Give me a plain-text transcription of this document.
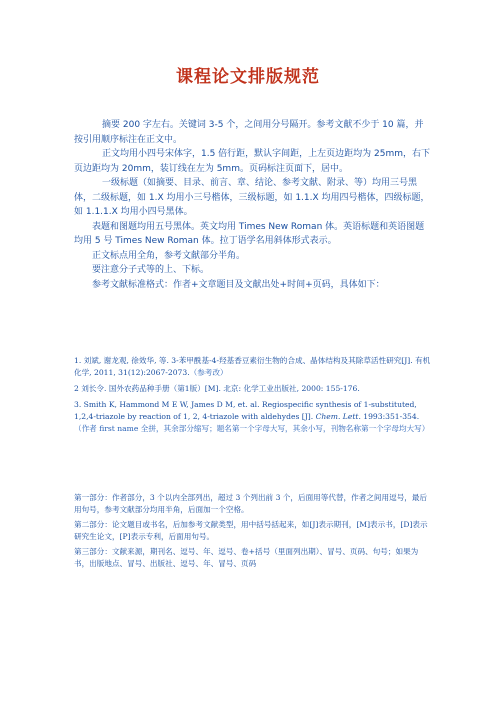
课程论文排版规范

摘要 200 字左右。关键词 3-5 个，之间用分号隔开。参考文献不少于 10 篇，并按引用顺序标注在正文中。

正文均用小四号宋体字，1.5 倍行距，默认字间距，上左页边距均为 25mm，右下页边距均为 20mm，装订线在左为 5mm。页码标注页面下，居中。

一级标题（如摘要、目录、前言、章、结论、参考文献、附录、等）均用三号黑体，二级标题，如 1.X 均用小三号楷体，三级标题，如 1.1.X 均用四号楷体，四级标题，如 1.1.1.X 均用小四号黑体。

表题和图题均用五号黑体。英文均用 Times New Roman 体。英语标题和英语图题均用 5 号 Times New Roman 体。拉丁语学名用斜体形式表示。

正文标点用全角，参考文献部分半角。

要注意分子式等的上、下标。

参考文献标准格式：作者+文章题目及文献出处+时间+页码，具体如下：

1. 刘斌, 谢龙观, 徐效华, 等. 3-苯甲酰基-4-羟基香豆素衍生物的合成、晶体结构及其除草活性研究[J]. 有机化学, 2011, 31(12):2067-2073.（参考改）

2 刘长令. 国外农药品种手册（第1版）[M]. 北京: 化学工业出版社, 2000: 155-176.

3. Smith K, Hammond M E W, James D M, et. al. Regiospecific synthesis of 1-substituted, 1,2,4-triazole by reaction of 1, 2, 4-triazole with aldehydes [J]. Chem. Lett. 1993:351-354. （作者 first name 全拼，其余部分缩写；题名第一个字母大写，其余小写，刊物名称第一个字母均大写）

第一部分：作者部分，3 个以内全部列出，超过 3 个列出前 3 个，后面用等代替，作者之间用逗号，最后用句号，参考文献部分均用半角，后面加一个空格。

第二部分：论文题目或书名，后加参考文献类型，用中括号括起来，如[J]表示期刊，[M]表示书，[D]表示研究生论文，[P]表示专利，后面用句号。

第三部分：文献来源，期刊名、逗号、年、逗号、卷+括号（里面列出期）、冒号、页码、句号；如果为书，出版地点、冒号、出版社、逗号、年、冒号、页码
